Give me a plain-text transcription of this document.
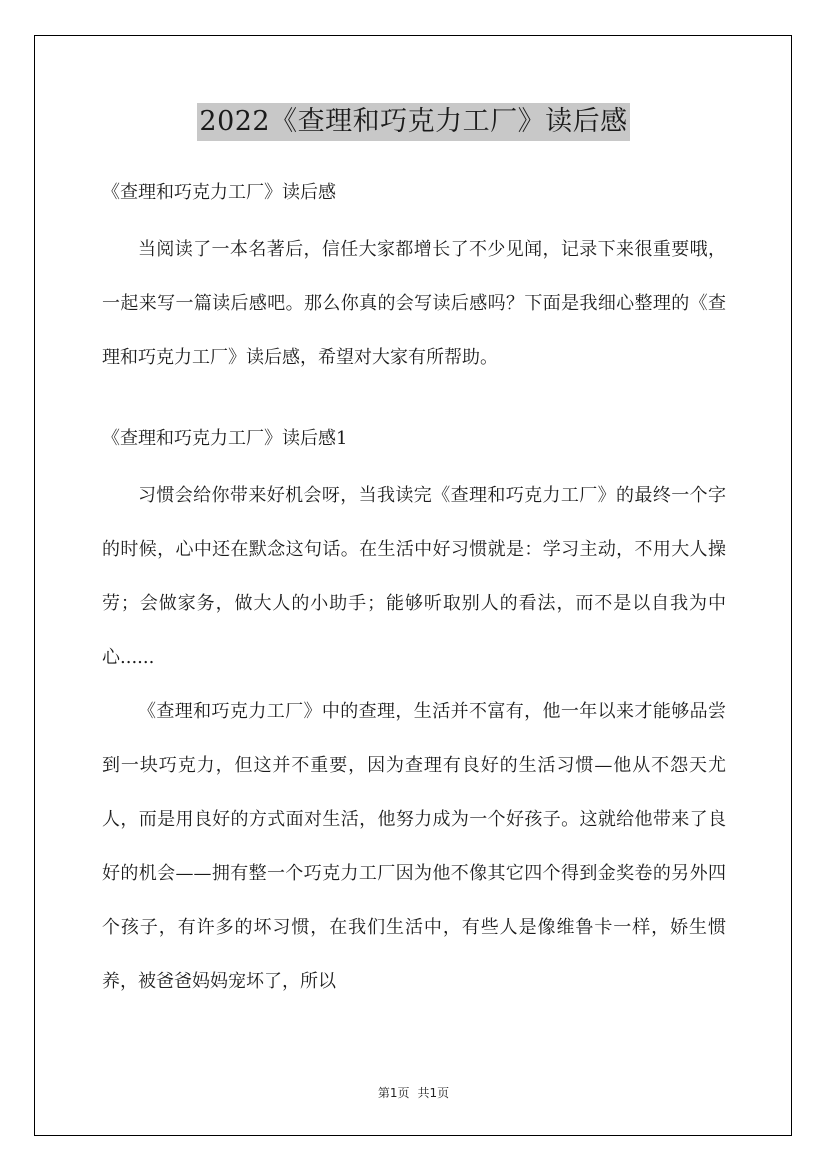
2022《查理和巧克力工厂》读后感

《查理和巧克力工厂》读后感

当阅读了一本名著后，信任大家都增长了不少见闻，记录下来很重要哦，一起来写一篇读后感吧。那么你真的会写读后感吗？下面是我细心整理的《查理和巧克力工厂》读后感，希望对大家有所帮助。

《查理和巧克力工厂》读后感1

习惯会给你带来好机会呀，当我读完《查理和巧克力工厂》的最终一个字的时候，心中还在默念这句话。在生活中好习惯就是：学习主动，不用大人操劳；会做家务，做大人的小助手；能够听取别人的看法，而不是以自我为中心......

《查理和巧克力工厂》中的查理，生活并不富有，他一年以来才能够品尝到一块巧克力，但这并不重要，因为查理有良好的生活习惯—他从不怨天尤人，而是用良好的方式面对生活，他努力成为一个好孩子。这就给他带来了良好的机会——拥有整一个巧克力工厂因为他不像其它四个得到金奖卷的另外四个孩子，有许多的坏习惯，在我们生活中，有些人是像维鲁卡一样，娇生惯养，被爸爸妈妈宠坏了，所以

第1页 共1页
